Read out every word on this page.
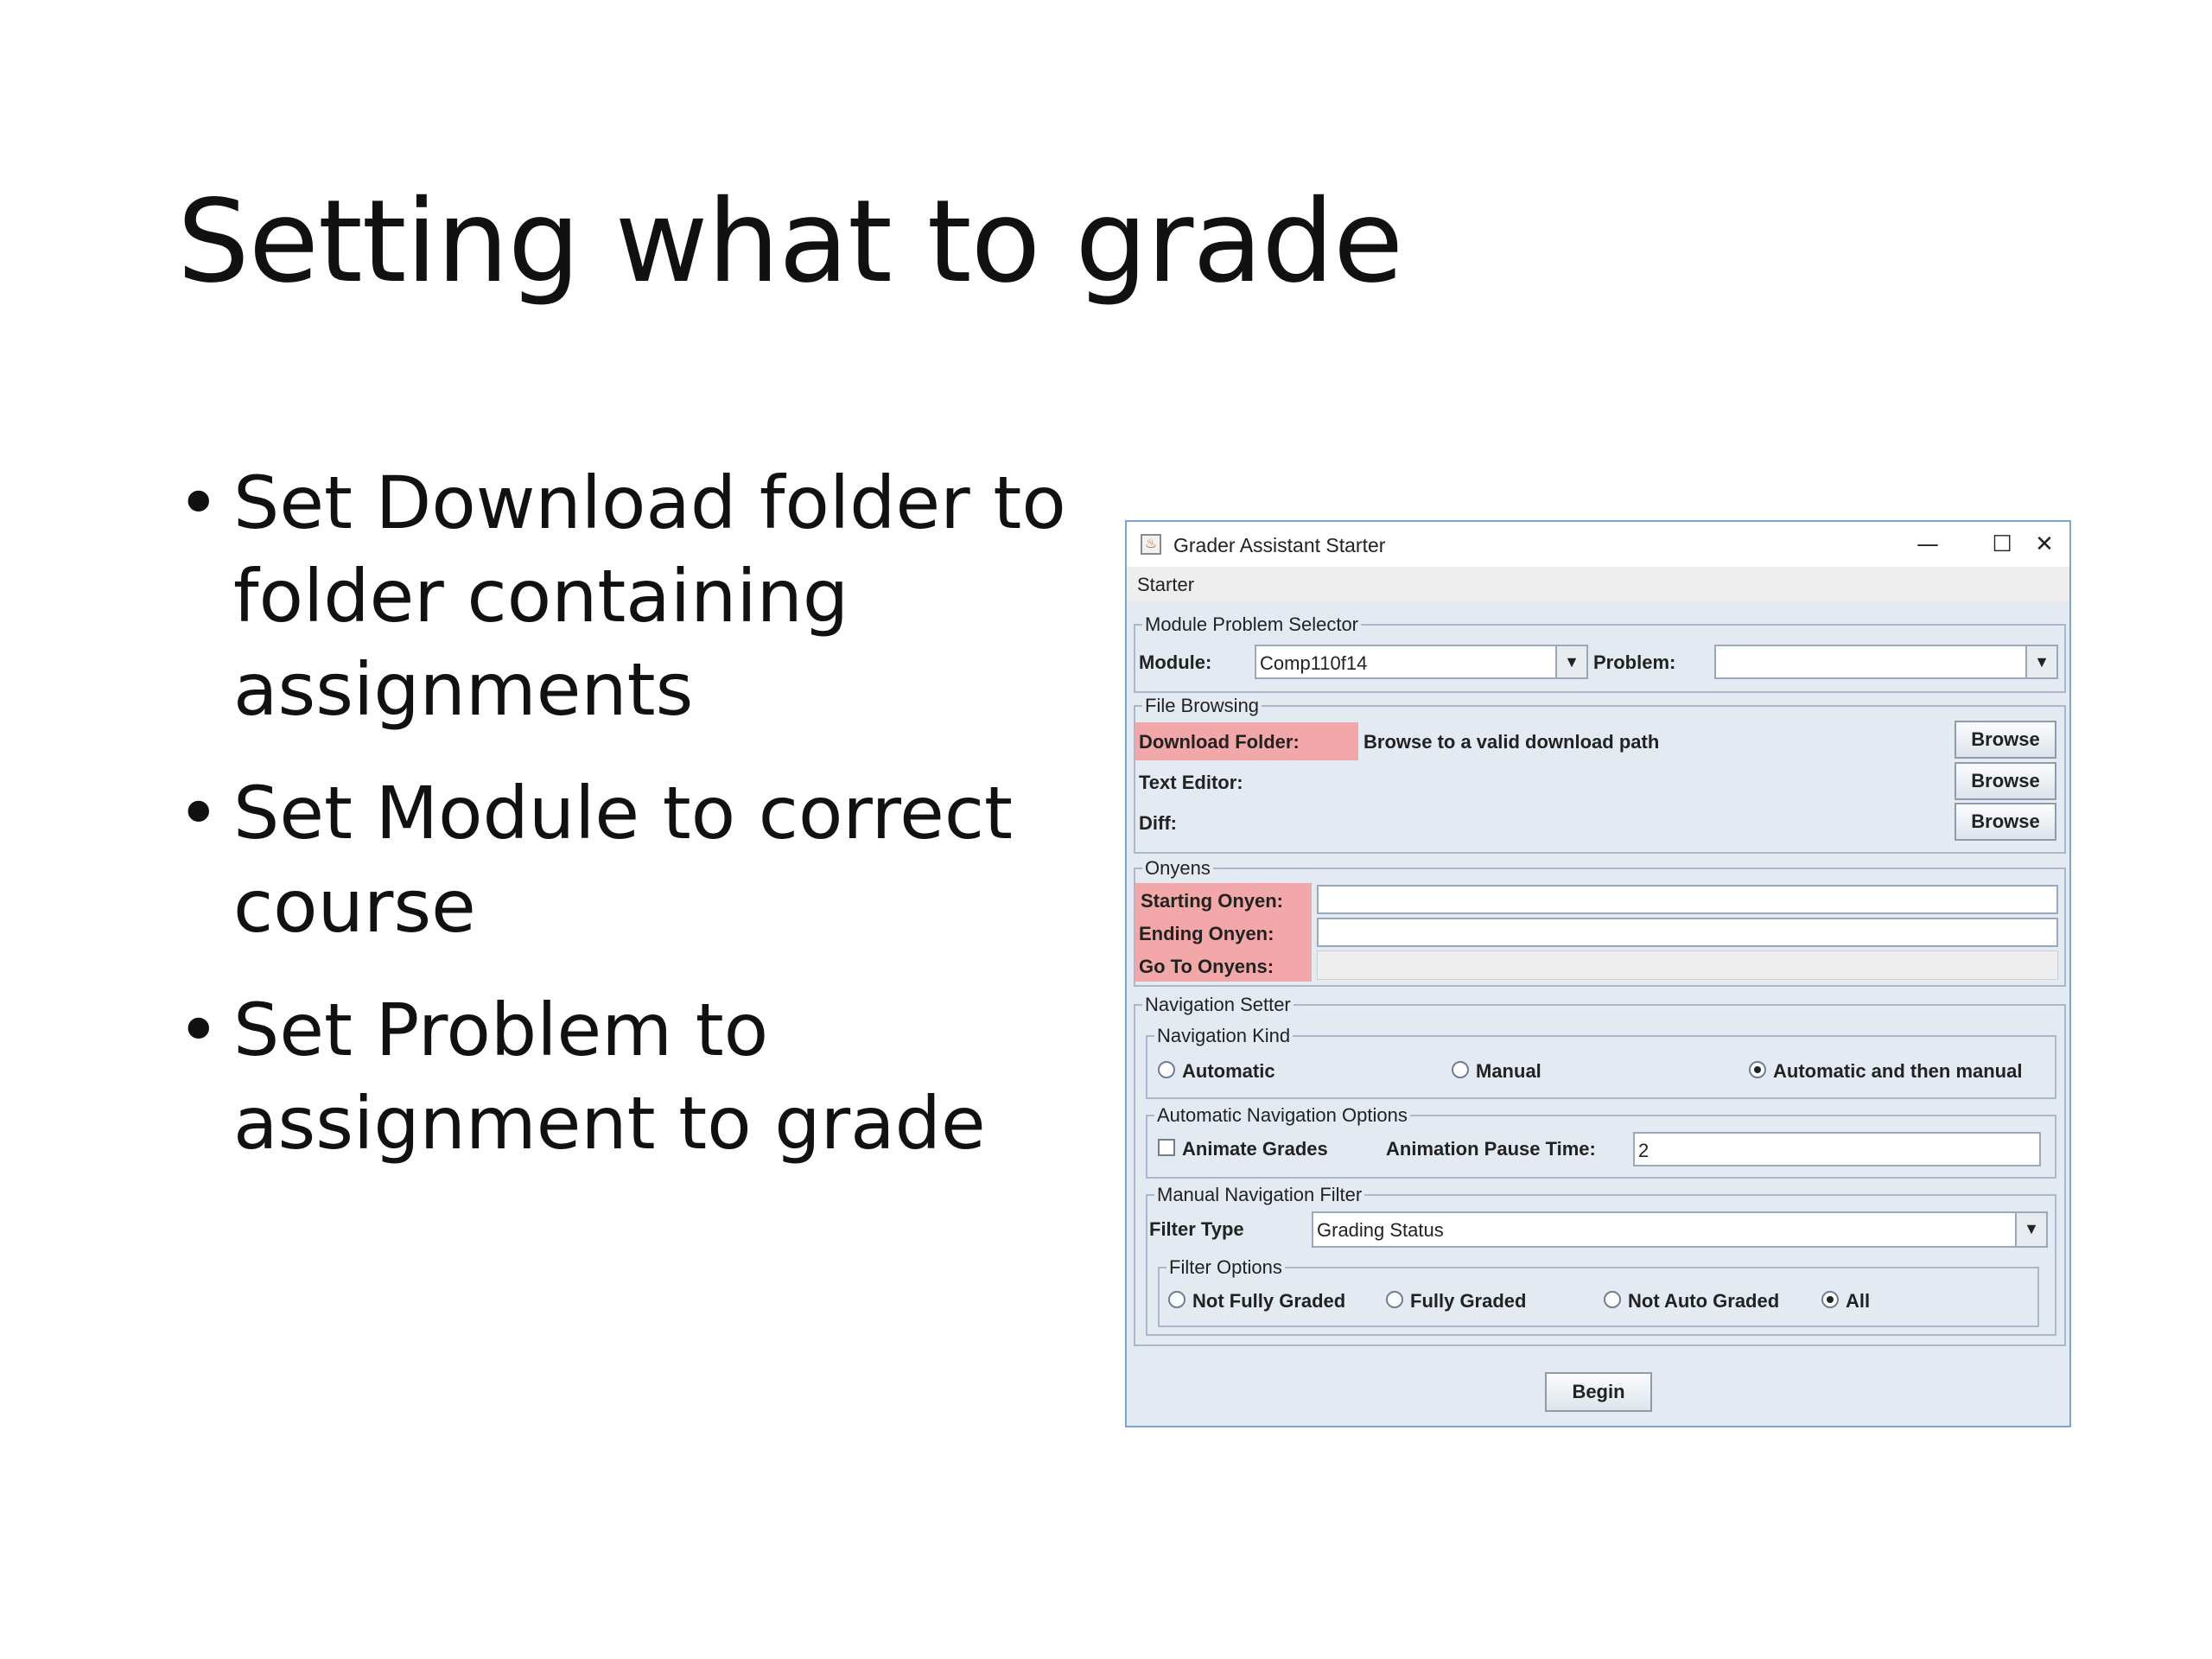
Setting what to grade
• Set Download folder to
folder containing
assignments
• Set Module to correct
course
• Set Problem to
assignment to grade
♨ Grader Assistant Starter	—	☐	✕
Starter
Module Problem Selector
Module:	Comp110f14	▼ Problem:	▼
File Browsing
Download Folder:	Browse to a valid download path	Browse
Text Editor:	Browse
Diff:	Browse
Onyens
Starting Onyen:
Ending Onyen:
Go To Onyens:
Navigation Setter
Navigation Kind
Automatic	Manual	Automatic and then manual
Automatic Navigation Options
Animate Grades	Animation Pause Time: 2
Manual Navigation Filter
Filter Type	Grading Status	▼
Filter Options
Not Fully Graded	Fully Graded	Not Auto Graded	All
Begin
